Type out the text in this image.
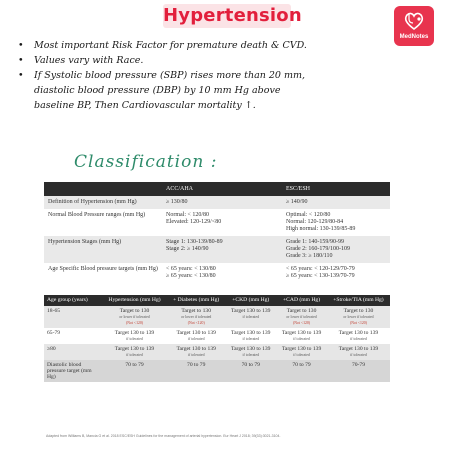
Hypertension
MedNotes
• Most important Risk Factor for premature death & CVD.
• Values vary with Race.
• If Systolic blood pressure (SBP) rises more than 20 mm,
diastolic blood pressure (DBP) by 10 mm Hg above
baseline BP, Then Cardiovascular mortality ↑.
Classification :
	ACC/AHA	ESC/ESH
Definition of Hypertension (mm Hg)	≥ 130/80	≥ 140/90
Normal Blood Pressure ranges (mm Hg)	Normal: < 120/80
Elevated: 120-129/<80	Optimal: < 120/80
Normal: 120-129/80-84
High normal: 130-139/85-89
Hypertension Stages (mm Hg)	Stage 1: 130-139/80-89
Stage 2: ≥ 140/90	Grade 1: 140-159/90-99
Grade 2: 160-179/100-109
Grade 3: ≥ 180/110
Age Specific Blood pressure targets (mm Hg)	< 65 years: < 130/80
≥ 65 years: < 130/80	< 65 years: < 120-129/70-79
≥ 65 years: < 130-139/70-79
Age group (years)	Hypertension (mm Hg)	+ Diabetes (mm Hg)	+CKD (mm Hg)	+CAD (mm Hg)	+Stroke/TIA (mm Hg)
18-65	Target to 130
or lower if tolerated
(Not <120)	Target to 130
or lower if tolerated
(Not <120)	Target 130 to 139
if tolerated	Target to 130
or lower if tolerated
(Not <120)	Target to 130
or lower if tolerated
(Not <120)

65-79	Target 130 to 139
if tolerated	Target 130 to 139
if tolerated	Target 130 to 139
if tolerated	Target 130 to 139
if tolerated	Target 130 to 139
if tolerated

≥80	Target 130 to 139
if tolerated	Target 130 to 139
if tolerated	Target 130 to 139
if tolerated	Target 130 to 139
if tolerated	Target 130 to 139
if tolerated

Diastolic blood pressure target (mm Hg)	70 to 79	70 to 79	70 to 79	70 to 79	70-79
Adapted from Williams B, Mancia G et al. 2018 ESC/ESH Guidelines for the management of arterial hypertension. Eur Heart J 2018; 39(33):3021-3104.
